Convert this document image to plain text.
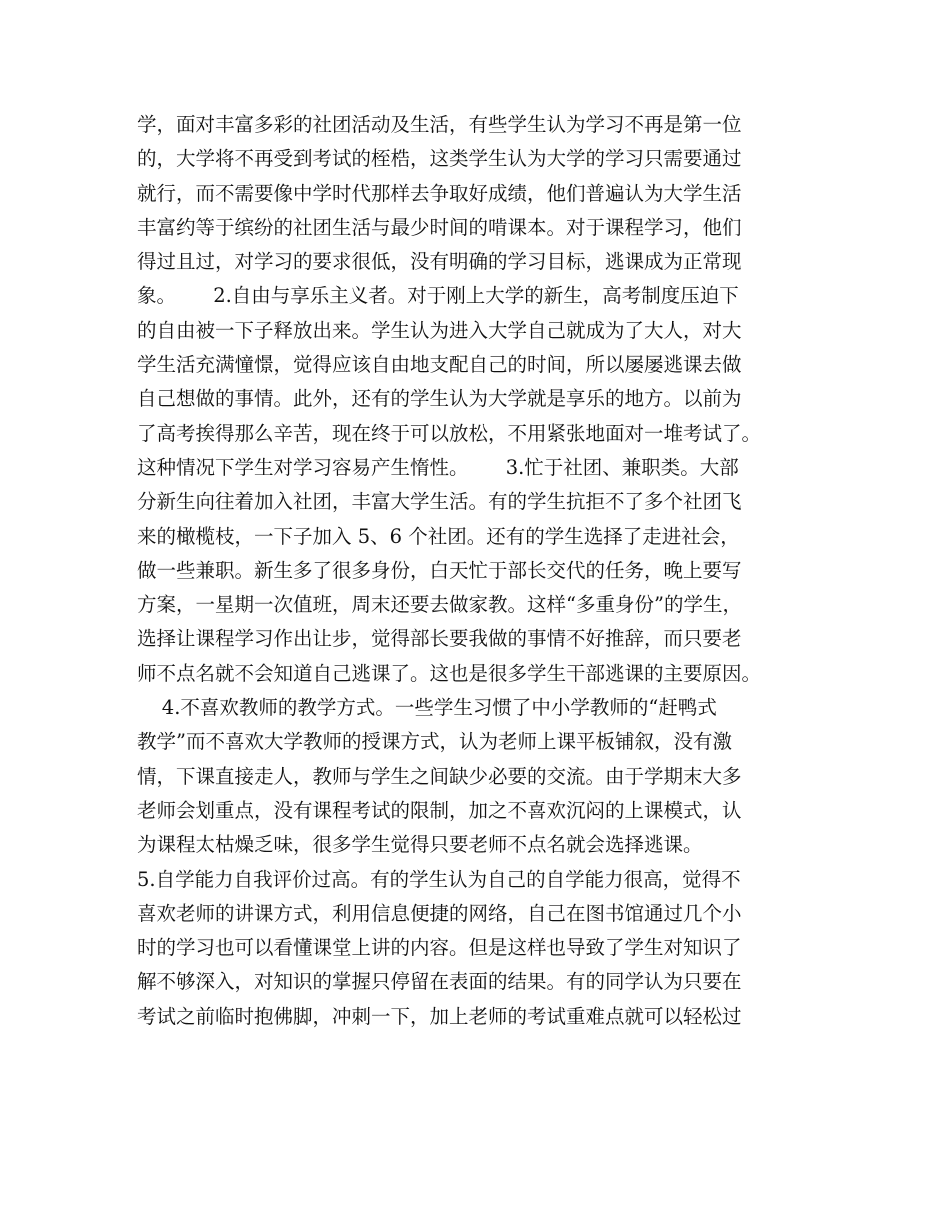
学，面对丰富多彩的社团活动及生活，有些学生认为学习不再是第一位
的，大学将不再受到考试的桎梏，这类学生认为大学的学习只需要通过
就行，而不需要像中学时代那样去争取好成绩，他们普遍认为大学生活
丰富约等于缤纷的社团生活与最少时间的啃课本。对于课程学习，他们
得过且过，对学习的要求很低，没有明确的学习目标，逃课成为正常现
象。      2.自由与享乐主义者。对于刚上大学的新生，高考制度压迫下
的自由被一下子释放出来。学生认为进入大学自己就成为了大人，对大
学生活充满憧憬，觉得应该自由地支配自己的时间，所以屡屡逃课去做
自己想做的事情。此外，还有的学生认为大学就是享乐的地方。以前为
了高考挨得那么辛苦，现在终于可以放松，不用紧张地面对一堆考试了。
这种情况下学生对学习容易产生惰性。      3.忙于社团、兼职类。大部
分新生向往着加入社团，丰富大学生活。有的学生抗拒不了多个社团飞
来的橄榄枝，一下子加入 5、6 个社团。还有的学生选择了走进社会，
做一些兼职。新生多了很多身份，白天忙于部长交代的任务，晚上要写
方案，一星期一次值班，周末还要去做家教。这样“多重身份”的学生，
选择让课程学习作出让步，觉得部长要我做的事情不好推辞，而只要老
师不点名就不会知道自己逃课了。这也是很多学生干部逃课的主要原因。
4.不喜欢教师的教学方式。一些学生习惯了中小学教师的“赶鸭式
教学”而不喜欢大学教师的授课方式，认为老师上课平板铺叙，没有激
情，下课直接走人，教师与学生之间缺少必要的交流。由于学期末大多
老师会划重点，没有课程考试的限制，加之不喜欢沉闷的上课模式，认
为课程太枯燥乏味，很多学生觉得只要老师不点名就会选择逃课。
5.自学能力自我评价过高。有的学生认为自己的自学能力很高，觉得不
喜欢老师的讲课方式，利用信息便捷的网络，自己在图书馆通过几个小
时的学习也可以看懂课堂上讲的内容。但是这样也导致了学生对知识了
解不够深入，对知识的掌握只停留在表面的结果。有的同学认为只要在
考试之前临时抱佛脚，冲刺一下，加上老师的考试重难点就可以轻松过
